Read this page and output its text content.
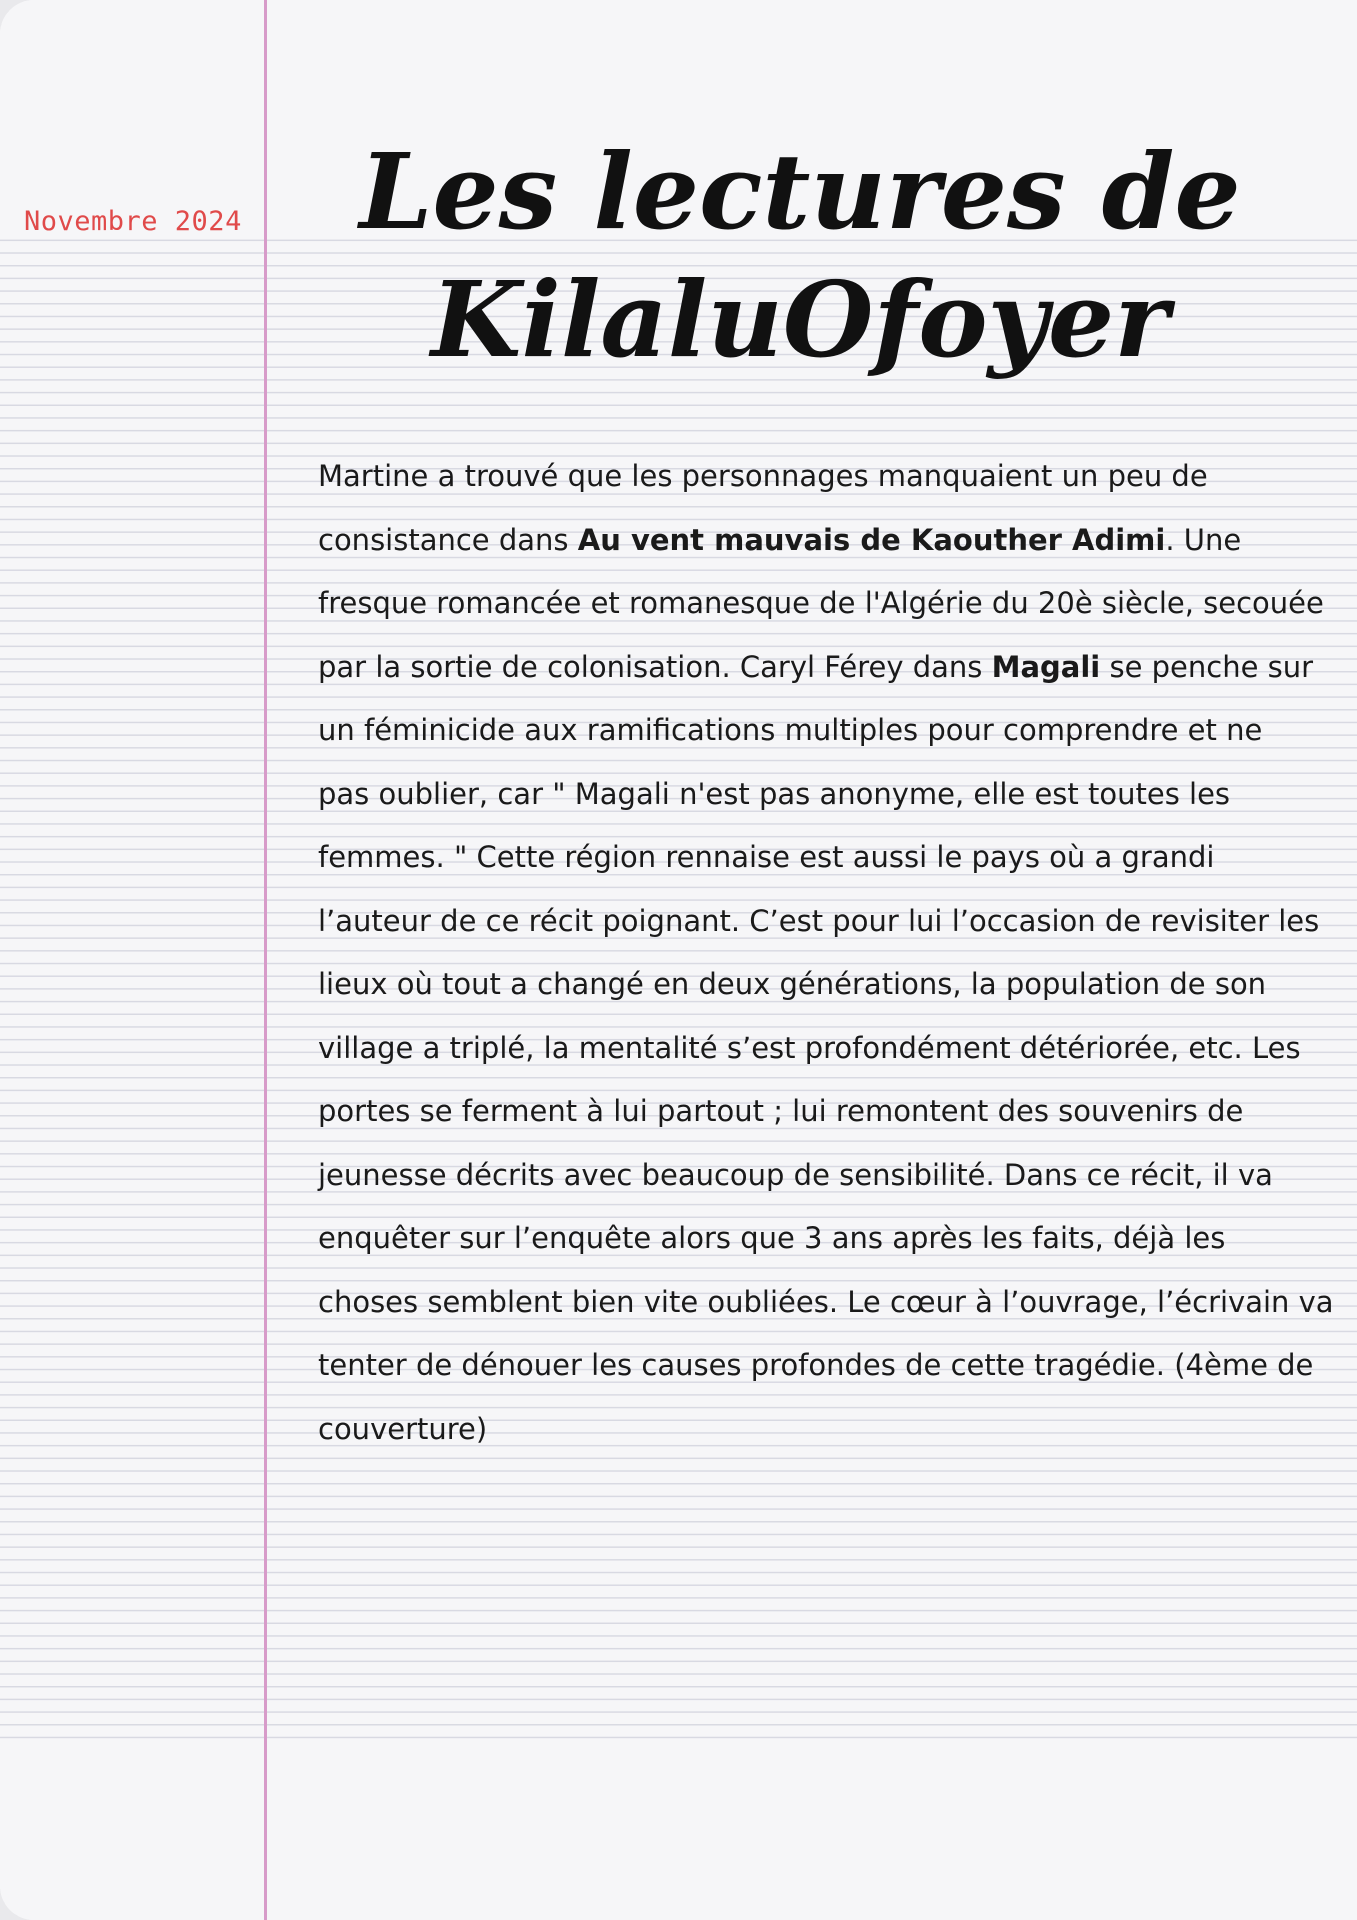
Novembre 2024	Les lectures de
KilaluOfoyer
Martine a trouvé que les personnages manquaient un peu de
consistance dans Au vent mauvais de Kaouther Adimi. Une
fresque romancée et romanesque de l'Algérie du 20è siècle, secouée
par la sortie de colonisation. Caryl Férey dans Magali se penche sur
un féminicide aux ramifications multiples pour comprendre et ne
pas oublier, car " Magali n'est pas anonyme, elle est toutes les
femmes. " Cette région rennaise est aussi le pays où a grandi
l’auteur de ce récit poignant. C’est pour lui l’occasion de revisiter les
lieux où tout a changé en deux générations, la population de son
village a triplé, la mentalité s’est profondément détériorée, etc. Les
portes se ferment à lui partout ; lui remontent des souvenirs de
jeunesse décrits avec beaucoup de sensibilité. Dans ce récit, il va
enquêter sur l’enquête alors que 3 ans après les faits, déjà les
choses semblent bien vite oubliées. Le cœur à l’ouvrage, l’écrivain va
tenter de dénouer les causes profondes de cette tragédie. (4ème de
couverture)
